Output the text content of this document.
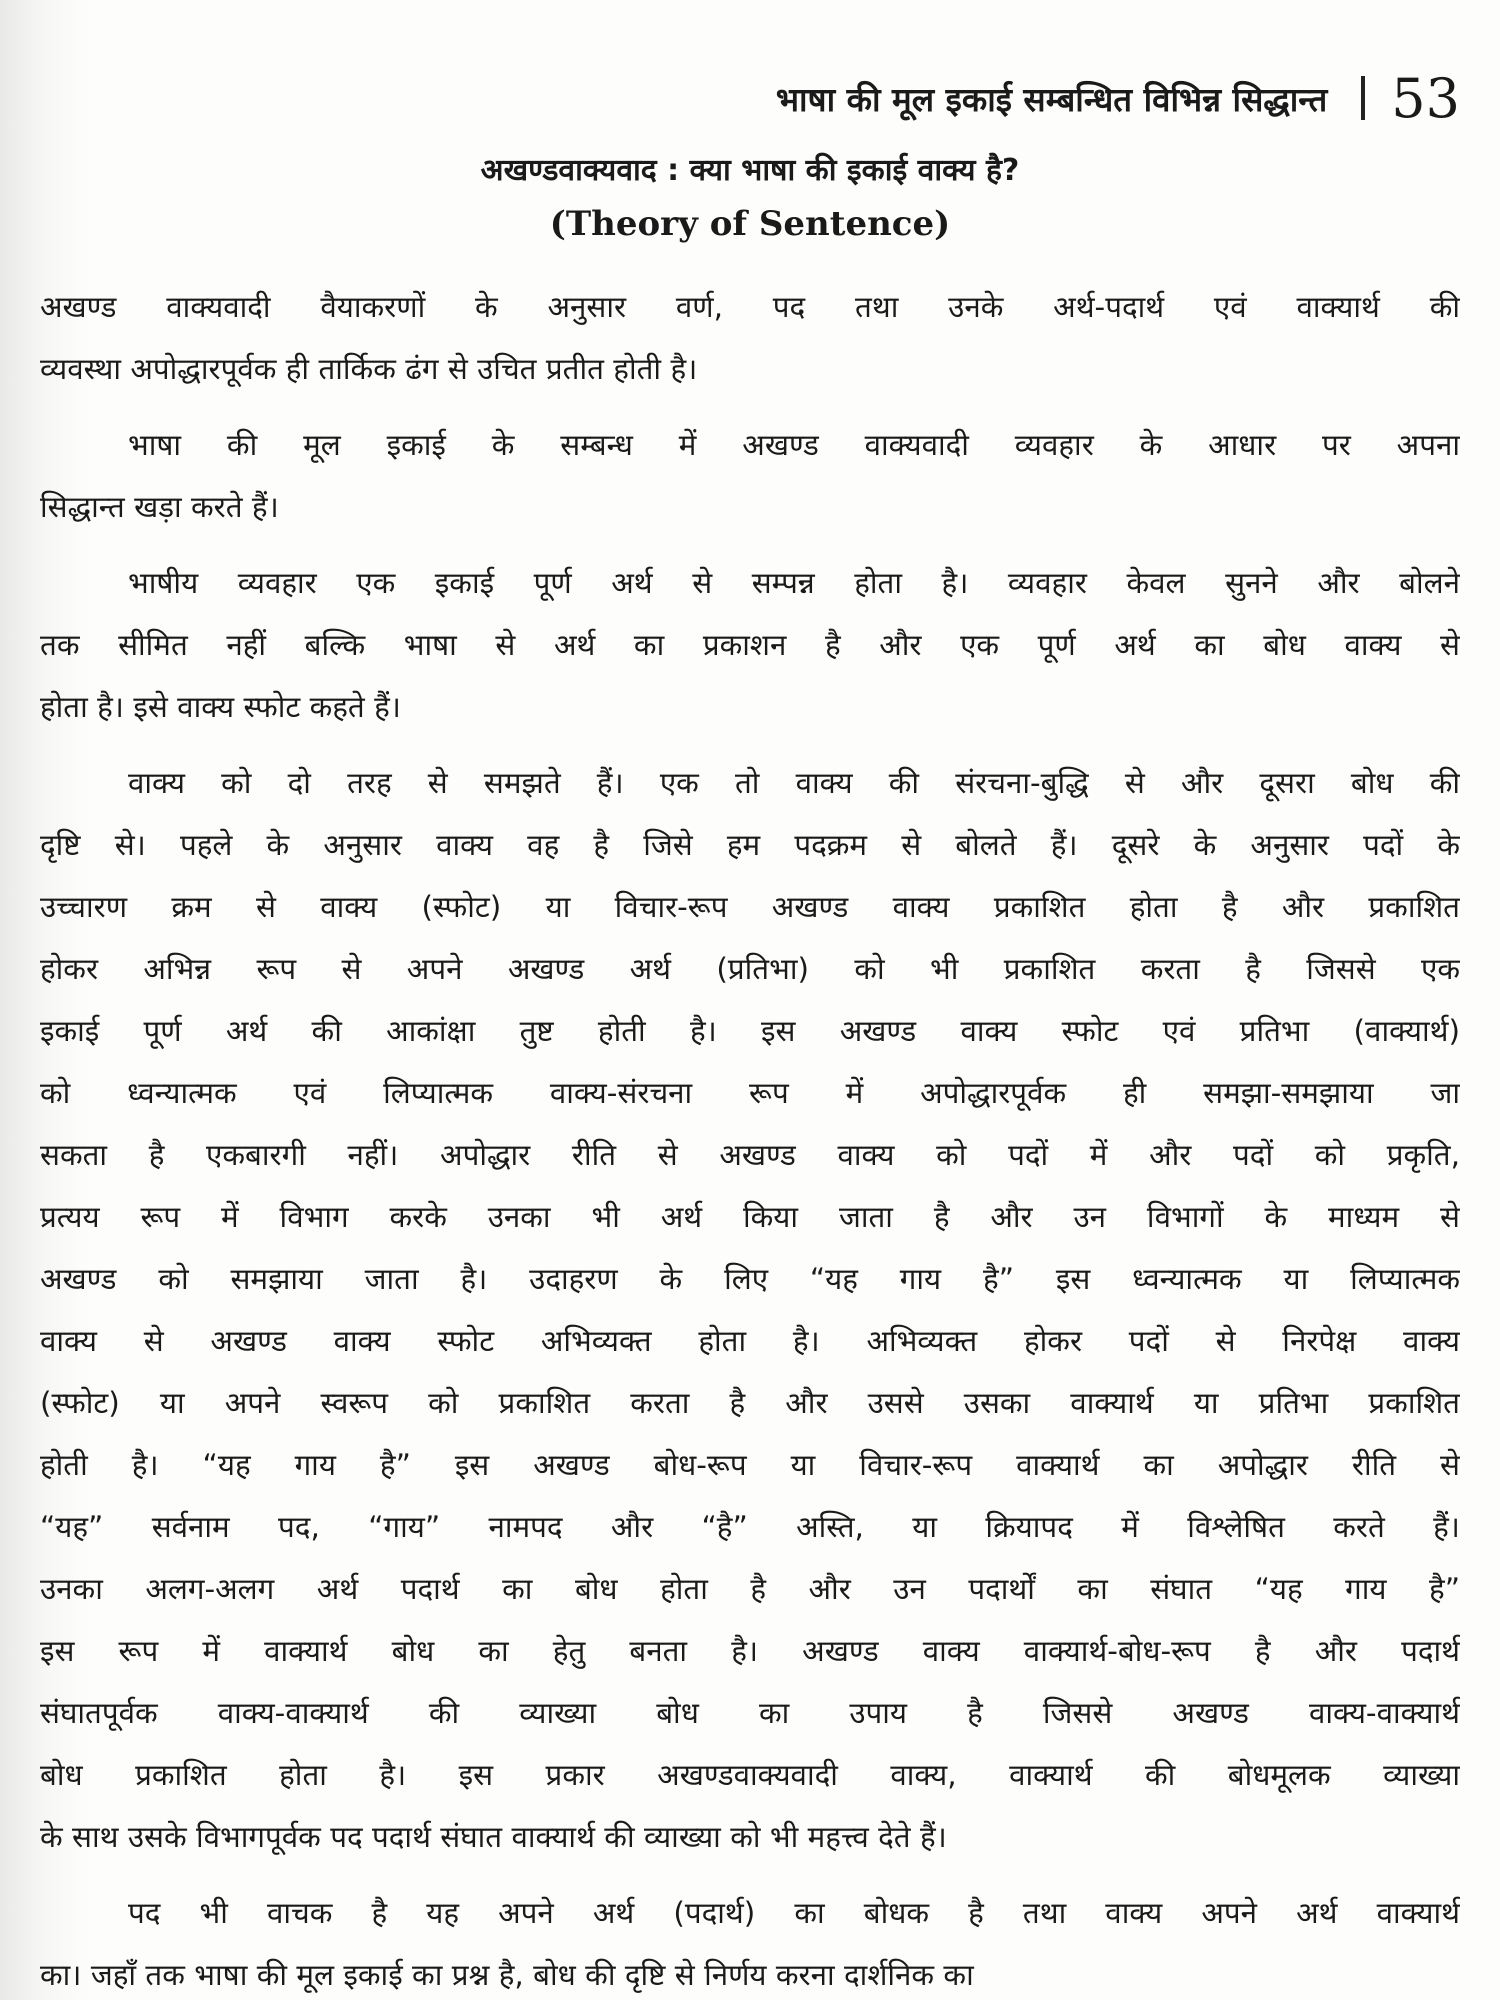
भाषा की मूल इकाई सम्बन्धित विभिन्न सिद्धान्त 53
अखण्डवाक्यवाद : क्या भाषा की इकाई वाक्य है?
(Theory of Sentence)
अखण्ड वाक्यवादी वैयाकरणों के अनुसार वर्ण, पद तथा उनके अर्थ-पदार्थ एवं वाक्यार्थ की
व्यवस्था अपोद्धारपूर्वक ही तार्किक ढंग से उचित प्रतीत होती है।
भाषा की मूल इकाई के सम्बन्ध में अखण्ड वाक्यवादी व्यवहार के आधार पर अपना
सिद्धान्त खड़ा करते हैं।
भाषीय व्यवहार एक इकाई पूर्ण अर्थ से सम्पन्न होता है। व्यवहार केवल सुनने और बोलने
तक सीमित नहीं बल्कि भाषा से अर्थ का प्रकाशन है और एक पूर्ण अर्थ का बोध वाक्य से
होता है। इसे वाक्य स्फोट कहते हैं।
वाक्य को दो तरह से समझते हैं। एक तो वाक्य की संरचना-बुद्धि से और दूसरा बोध की
दृष्टि से। पहले के अनुसार वाक्य वह है जिसे हम पदक्रम से बोलते हैं। दूसरे के अनुसार पदों के
उच्चारण क्रम से वाक्य (स्फोट) या विचार-रूप अखण्ड वाक्य प्रकाशित होता है और प्रकाशित
होकर अभिन्न रूप से अपने अखण्ड अर्थ (प्रतिभा) को भी प्रकाशित करता है जिससे एक
इकाई पूर्ण अर्थ की आकांक्षा तुष्ट होती है। इस अखण्ड वाक्य स्फोट एवं प्रतिभा (वाक्यार्थ)
को ध्वन्यात्मक एवं लिप्यात्मक वाक्य-संरचना रूप में अपोद्धारपूर्वक ही समझा-समझाया जा
सकता है एकबारगी नहीं। अपोद्धार रीति से अखण्ड वाक्य को पदों में और पदों को प्रकृति,
प्रत्यय रूप में विभाग करके उनका भी अर्थ किया जाता है और उन विभागों के माध्यम से
अखण्ड को समझाया जाता है। उदाहरण के लिए “यह गाय है” इस ध्वन्यात्मक या लिप्यात्मक
वाक्य से अखण्ड वाक्य स्फोट अभिव्यक्त होता है। अभिव्यक्त होकर पदों से निरपेक्ष वाक्य
(स्फोट) या अपने स्वरूप को प्रकाशित करता है और उससे उसका वाक्यार्थ या प्रतिभा प्रकाशित
होती है। “यह गाय है” इस अखण्ड बोध-रूप या विचार-रूप वाक्यार्थ का अपोद्धार रीति से
“यह” सर्वनाम पद, “गाय” नामपद और “है” अस्ति, या क्रियापद में विश्लेषित करते हैं।
उनका अलग-अलग अर्थ पदार्थ का बोध होता है और उन पदार्थों का संघात “यह गाय है”
इस रूप में वाक्यार्थ बोध का हेतु बनता है। अखण्ड वाक्य वाक्यार्थ-बोध-रूप है और पदार्थ
संघातपूर्वक वाक्य-वाक्यार्थ की व्याख्या बोध का उपाय है जिससे अखण्ड वाक्य-वाक्यार्थ
बोध प्रकाशित होता है। इस प्रकार अखण्डवाक्यवादी वाक्य, वाक्यार्थ की बोधमूलक व्याख्या
के साथ उसके विभागपूर्वक पद पदार्थ संघात वाक्यार्थ की व्याख्या को भी महत्त्व देते हैं।
पद भी वाचक है यह अपने अर्थ (पदार्थ) का बोधक है तथा वाक्य अपने अर्थ वाक्यार्थ
का। जहाँ तक भाषा की मूल इकाई का प्रश्न है, बोध की दृष्टि से निर्णय करना दार्शनिक का
